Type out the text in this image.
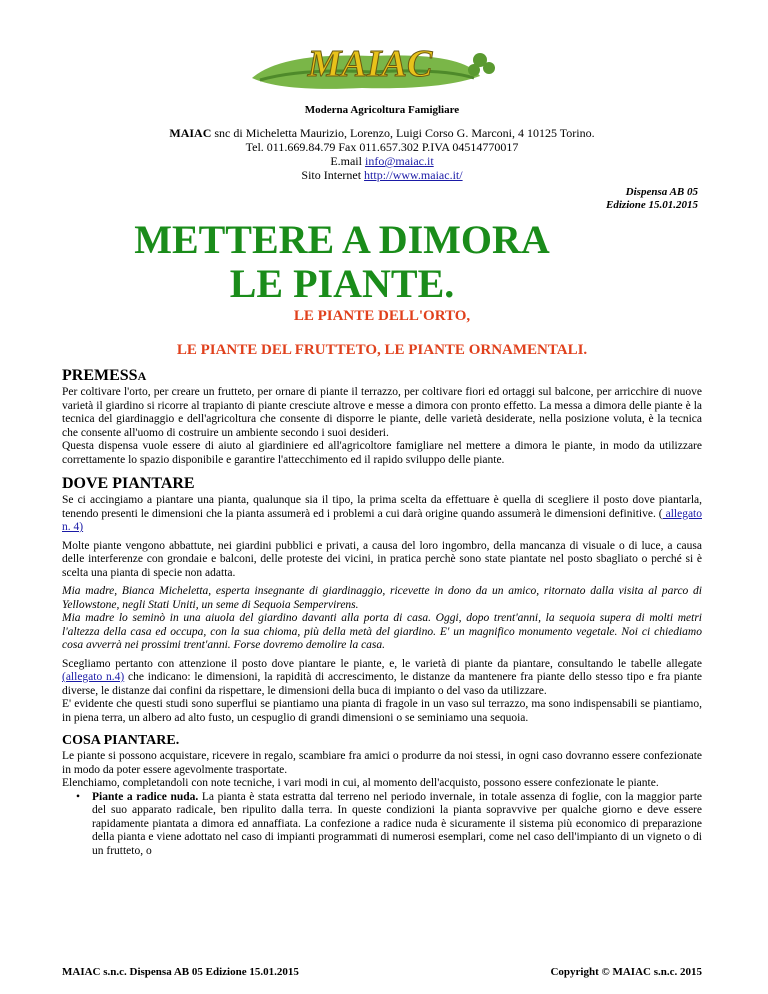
MAIAC
Moderna Agricoltura Famigliare
MAIAC snc di Micheletta Maurizio, Lorenzo, Luigi Corso G. Marconi, 4 10125 Torino.
Tel. 011.669.84.79 Fax 011.657.302 P.IVA 04514770017
E.mail info@maiac.it
Sito Internet http://www.maiac.it/
Dispensa AB 05
Edizione 15.01.2015
METTERE A DIMORA
LE PIANTE.
LE PIANTE DELL'ORTO,
LE PIANTE DEL FRUTTETO, LE PIANTE ORNAMENTALI.
PREMESSA

Per coltivare l'orto, per creare un frutteto, per ornare di piante il terrazzo, per coltivare fiori ed ortaggi sul balcone, per arricchire di nuove varietà il giardino si ricorre al trapianto di piante cresciute altrove e messe a dimora con pronto effetto. La messa a dimora delle piante è la tecnica del giardinaggio e dell'agricoltura che consente di disporre le piante, delle varietà desiderate, nella posizione voluta, è la tecnica che consente all'uomo di costruire un ambiente secondo i suoi desideri.
Questa dispensa vuole essere di aiuto al giardiniere ed all'agricoltore famigliare nel mettere a dimora le piante, in modo da utilizzare correttamente lo spazio disponibile e garantire l'attecchimento ed il rapido sviluppo delle piante.

DOVE PIANTARE

Se ci accingiamo a piantare una pianta, qualunque sia il tipo, la prima scelta da effettuare è quella di scegliere il posto dove piantarla, tenendo presenti le dimensioni che la pianta assumerà ed i problemi a cui darà origine quando assumerà le dimensioni definitive. ( allegato n. 4)

Molte piante vengono abbattute, nei giardini pubblici e privati, a causa del loro ingombro, della mancanza di visuale o di luce, a causa delle interferenze con grondaie e balconi, delle proteste dei vicini, in pratica perchè sono state piantate nel posto sbagliato o perché si è scelta una pianta di specie non adatta.

Mia madre, Bianca Micheletta, esperta insegnante di giardinaggio, ricevette in dono da un amico, ritornato dalla visita al parco di Yellowstone, negli Stati Uniti, un seme di Sequoia Sempervirens.
Mia madre lo seminò in una aiuola del giardino davanti alla porta di casa. Oggi, dopo trent'anni, la sequoia supera di molti metri l'altezza della casa ed occupa, con la sua chioma, più della metà del giardino. E' un magnifico monumento vegetale. Noi ci chiediamo cosa avverrà nei prossimi trent'anni. Forse dovremo demolire la casa.

Scegliamo pertanto con attenzione il posto dove piantare le piante, e, le varietà di piante da piantare, consultando le tabelle allegate (allegato n.4) che indicano: le dimensioni, la rapidità di accrescimento, le distanze da mantenere fra piante dello stesso tipo e fra piante diverse, le distanze dai confini da rispettare, le dimensioni della buca di impianto o del vaso da utilizzare.
E' evidente che questi studi sono superflui se piantiamo una pianta di fragole in un vaso sul terrazzo, ma sono indispensabili se piantiamo, in piena terra, un albero ad alto fusto, un cespuglio di grandi dimensioni o se seminiamo una sequoia.

COSA PIANTARE.

Le piante si possono acquistare, ricevere in regalo, scambiare fra amici o produrre da noi stessi, in ogni caso dovranno essere confezionate in modo da poter essere agevolmente trasportate.
Elenchiamo, completandoli con note tecniche, i vari modi in cui, al momento dell'acquisto, possono essere confezionate le piante.

• Piante a radice nuda. La pianta è stata estratta dal terreno nel periodo invernale, in totale assenza di foglie, con la maggior parte del suo apparato radicale, ben ripulito dalla terra. In queste condizioni la pianta sopravvive per qualche giorno e deve essere rapidamente piantata a dimora ed annaffiata. La confezione a radice nuda è sicuramente il sistema più economico di preparazione della pianta e viene adottato nel caso di impianti programmati di numerosi esemplari, come nel caso dell'impianto di un vigneto o di un frutteto, o
MAIAC s.n.c. Dispensa AB 05 Edizione 15.01.2015	Copyright © MAIAC s.n.c. 2015
